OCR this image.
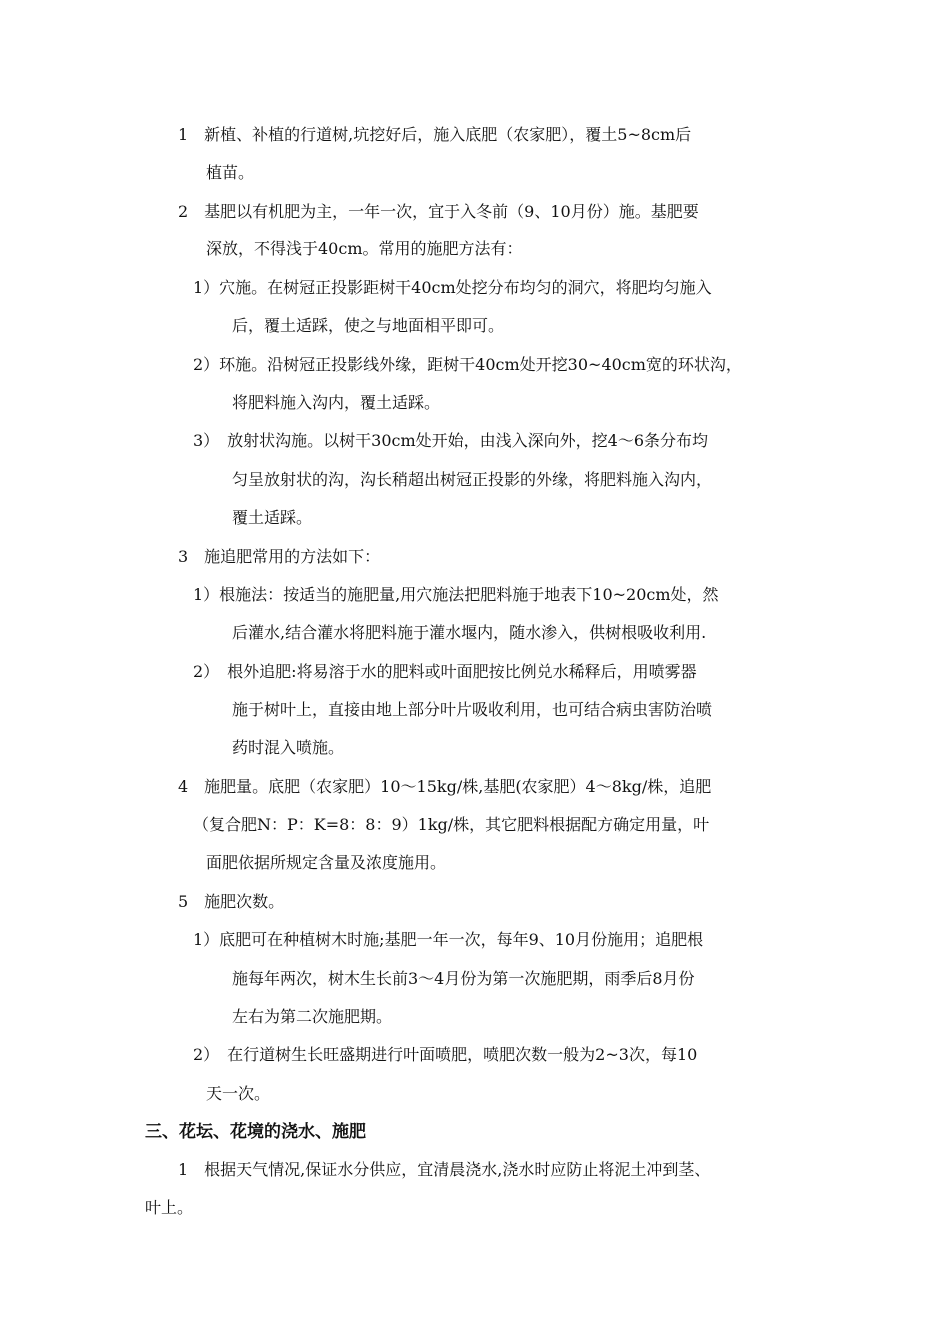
1　新植、补植的行道树,坑挖好后，施入底肥（农家肥），覆土5~8cm后
植苗。
2　基肥以有机肥为主，一年一次，宜于入冬前（9、10月份）施。基肥要
深放，不得浅于40cm。常用的施肥方法有：
1）穴施。在树冠正投影距树干40cm处挖分布均匀的洞穴，将肥均匀施入
后，覆土适踩，使之与地面相平即可。
2）环施。沿树冠正投影线外缘，距树干40cm处开挖30~40cm宽的环状沟，
将肥料施入沟内，覆土适踩。
3）　放射状沟施。以树干30cm处开始，由浅入深向外，挖4～6条分布均
匀呈放射状的沟，沟长稍超出树冠正投影的外缘，将肥料施入沟内，
覆土适踩。
3　施追肥常用的方法如下：
1）根施法：按适当的施肥量,用穴施法把肥料施于地表下10~20cm处，然
后灌水,结合灌水将肥料施于灌水堰内，随水渗入，供树根吸收利用.
2）　根外追肥:将易溶于水的肥料或叶面肥按比例兑水稀释后，用喷雾器
施于树叶上，直接由地上部分叶片吸收利用，也可结合病虫害防治喷
药时混入喷施。
4　施肥量。底肥（农家肥）10～15kg/株,基肥(农家肥）4～8kg/株，追肥
（复合肥N：P：K=8：8：9）1kg/株，其它肥料根据配方确定用量，叶
面肥依据所规定含量及浓度施用。
5　施肥次数。
1）底肥可在种植树木时施;基肥一年一次，每年9、10月份施用；追肥根
施每年两次，树木生长前3～4月份为第一次施肥期，雨季后8月份
左右为第二次施肥期。
2）　在行道树生长旺盛期进行叶面喷肥，喷肥次数一般为2~3次，每10
天一次。
三、花坛、花境的浇水、施肥
1　根据天气情况,保证水分供应，宜清晨浇水,浇水时应防止将泥土冲到茎、
叶上。
